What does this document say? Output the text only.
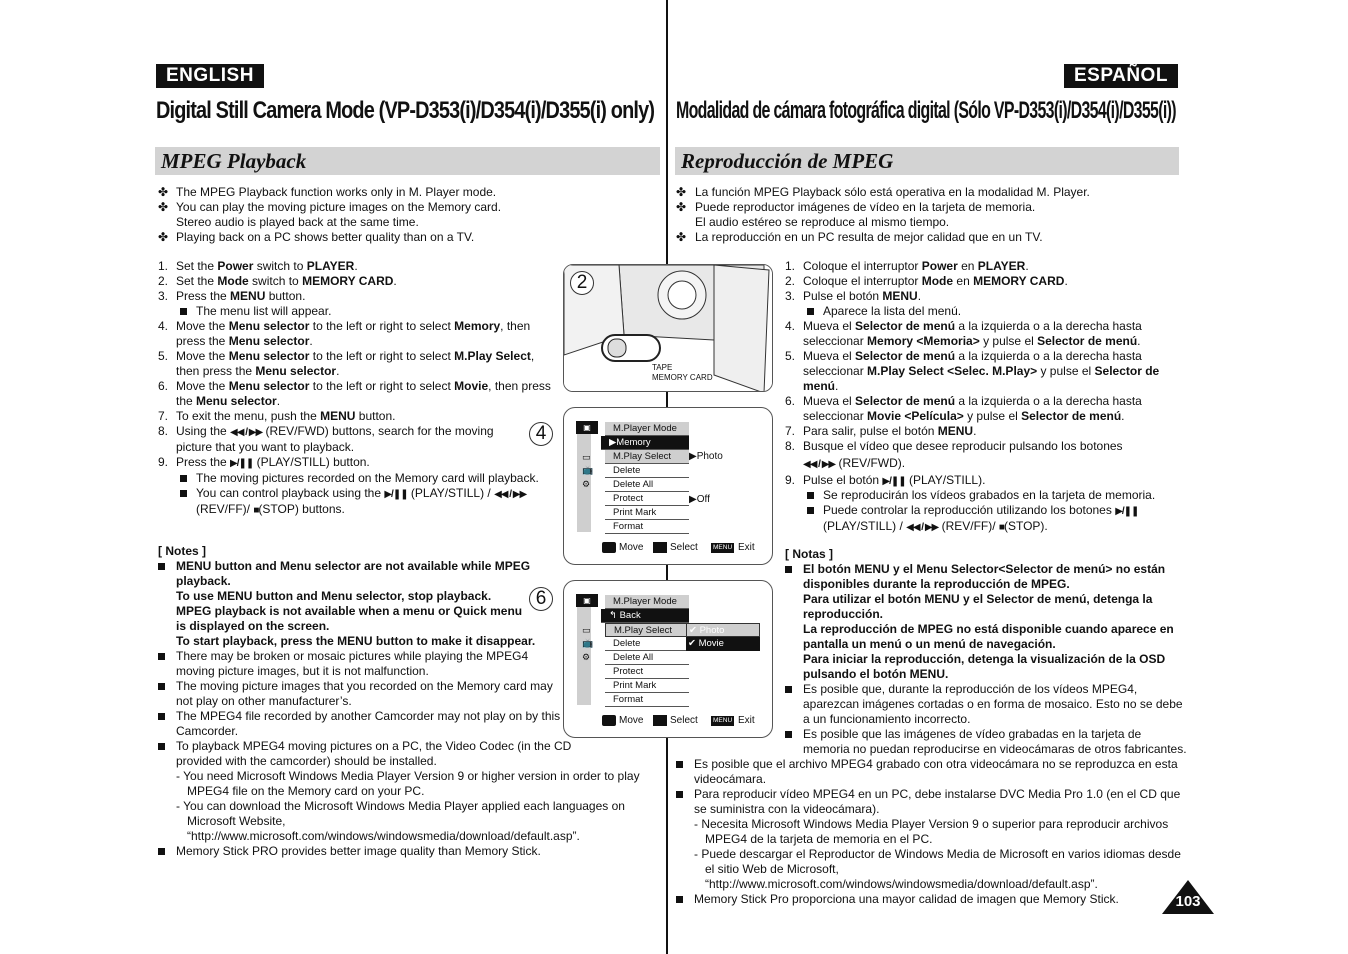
ENGLISH	ESPAÑOL
Digital Still Camera Mode (VP-D353(i)/D354(i)/D355(i) only) Modalidad de cámara fotográfica digital (Sólo VP-D353(i)/D354(i)/D355(i))
MPEG Playback	Reproducción de MPEG
✤ The MPEG Playback function works only in M. Player mode.
✤ You can play the moving picture images on the Memory card.
Stereo audio is played back at the same time.
✤ Playing back on a PC shows better quality than on a TV.
1. Set the Power switch to PLAYER.
2. Set the Mode switch to MEMORY CARD.
3. Press the MENU button.
The menu list will appear.
4. Move the Menu selector to the left or right to select Memory, then
press the Menu selector.
5. Move the Menu selector to the left or right to select M.Play Select,
then press the Menu selector.
6. Move the Menu selector to the left or right to select Movie, then press
the Menu selector.
7. To exit the menu, push the MENU button.
8. Using the ◀◀ / ▶▶ (REV/FWD) buttons, search for the moving
picture that you want to playback.
9. Press the ▶/❚❚ (PLAY/STILL) button.
The moving pictures recorded on the Memory card will playback.
You can control playback using the ▶/❚❚ (PLAY/STILL) / ◀◀ / ▶▶
(REV/FF)/ ■(STOP) buttons.
[ Notes ]
MENU button and Menu selector are not available while MPEG
playback.
To use MENU button and Menu selector, stop playback.
MPEG playback is not available when a menu or Quick menu
is displayed on the screen.
To start playback, press the MENU button to make it disappear.
There may be broken or mosaic pictures while playing the MPEG4
moving picture images, but it is not malfunction.
The moving picture images that you recorded on the Memory card may
not play on other manufacturer’s.
The MPEG4 file recorded by another Camcorder may not play on by this
Camcorder.
To playback MPEG4 moving pictures on a PC, the Video Codec (in the CD
provided with the camcorder) should be installed.
- You need Microsoft Windows Media Player Version 9 or higher version in order to play
MPEG4 file on the Memory card on your PC.
- You can download the Microsoft Windows Media Player applied each languages on
Microsoft Website,
“http://www.microsoft.com/windows/windowsmedia/download/default.asp”.
Memory Stick PRO provides better image quality than Memory Stick.
✤ La función MPEG Playback sólo está operativa en la modalidad M. Player.
✤ Puede reproductor imágenes de vídeo en la tarjeta de memoria.
El audio estéreo se reproduce al mismo tiempo.
✤ La reproducción en un PC resulta de mejor calidad que en un TV.
1. Coloque el interruptor Power en PLAYER.
2. Coloque el interruptor Mode en MEMORY CARD.
3. Pulse el botón MENU.
Aparece la lista del menú.
4. Mueva el Selector de menú a la izquierda o a la derecha hasta
seleccionar Memory <Memoria> y pulse el Selector de menú.
5. Mueva el Selector de menú a la izquierda o a la derecha hasta
seleccionar M.Play Select <Selec. M.Play> y pulse el Selector de
menú.
6. Mueva el Selector de menú a la izquierda o a la derecha hasta
seleccionar Movie <Película> y pulse el Selector de menú.
7. Para salir, pulse el botón MENU.
8. Busque el vídeo que desee reproducir pulsando los botones
◀◀ / ▶▶ (REV/FWD).
9. Pulse el botón ▶/❚❚ (PLAY/STILL).
Se reproducirán los vídeos grabados en la tarjeta de memoria.
Puede controlar la reproducción utilizando los botones ▶/❚❚
(PLAY/STILL) / ◀◀ / ▶▶ (REV/FF)/ ■(STOP).
[ Notas ]
El botón MENU y el Menu Selector<Selector de menú> no están
disponibles durante la reproducción de MPEG.
Para utilizar el botón MENU y el Selector de menú, detenga la
reproducción.
La reproducción de MPEG no está disponible cuando aparece en
pantalla un menú o un menú de navegación.
Para iniciar la reproducción, detenga la visualización de la OSD
pulsando el botón MENU.
Es posible que, durante la reproducción de los vídeos MPEG4,
aparezcan imágenes cortadas o en forma de mosaico. Esto no se debe
a un funcionamiento incorrecto.
Es posible que las imágenes de vídeo grabadas en la tarjeta de
memoria no puedan reproducirse en videocámaras de otros fabricantes.
Es posible que el archivo MPEG4 grabado con otra videocámara no se reproduzca en esta
videocámara.
Para reproducir vídeo MPEG4 en un PC, debe instalarse DVC Media Pro 1.0 (en el CD que
se suministra con la videocámara).
- Necesita Microsoft Windows Media Player Version 9 o superior para reproducir archivos
MPEG4 de la tarjeta de memoria en el PC.
- Puede descargar el Reproductor de Windows Media de Microsoft en varios idiomas desde
el sitio Web de Microsoft,
“http://www.microsoft.com/windows/windowsmedia/download/default.asp”.
Memory Stick Pro proporciona una mayor calidad de imagen que Memory Stick.
2
TAPE
MEMORY CARD
4	▣
▭
📺
⚙
M.Player Mode
▶Memory
M.Play Select
Delete
Delete All
Protect
Print Mark
Format
▶Photo
▶Off
Move	Select	MENU Exit
6	▣
▭
📺
⚙
M.Player Mode
↰ Back
M.Play Select
Delete
Delete All
Protect
Print Mark
Format
✔ Photo
✔ Movie
Move	Select	MENU Exit
103
